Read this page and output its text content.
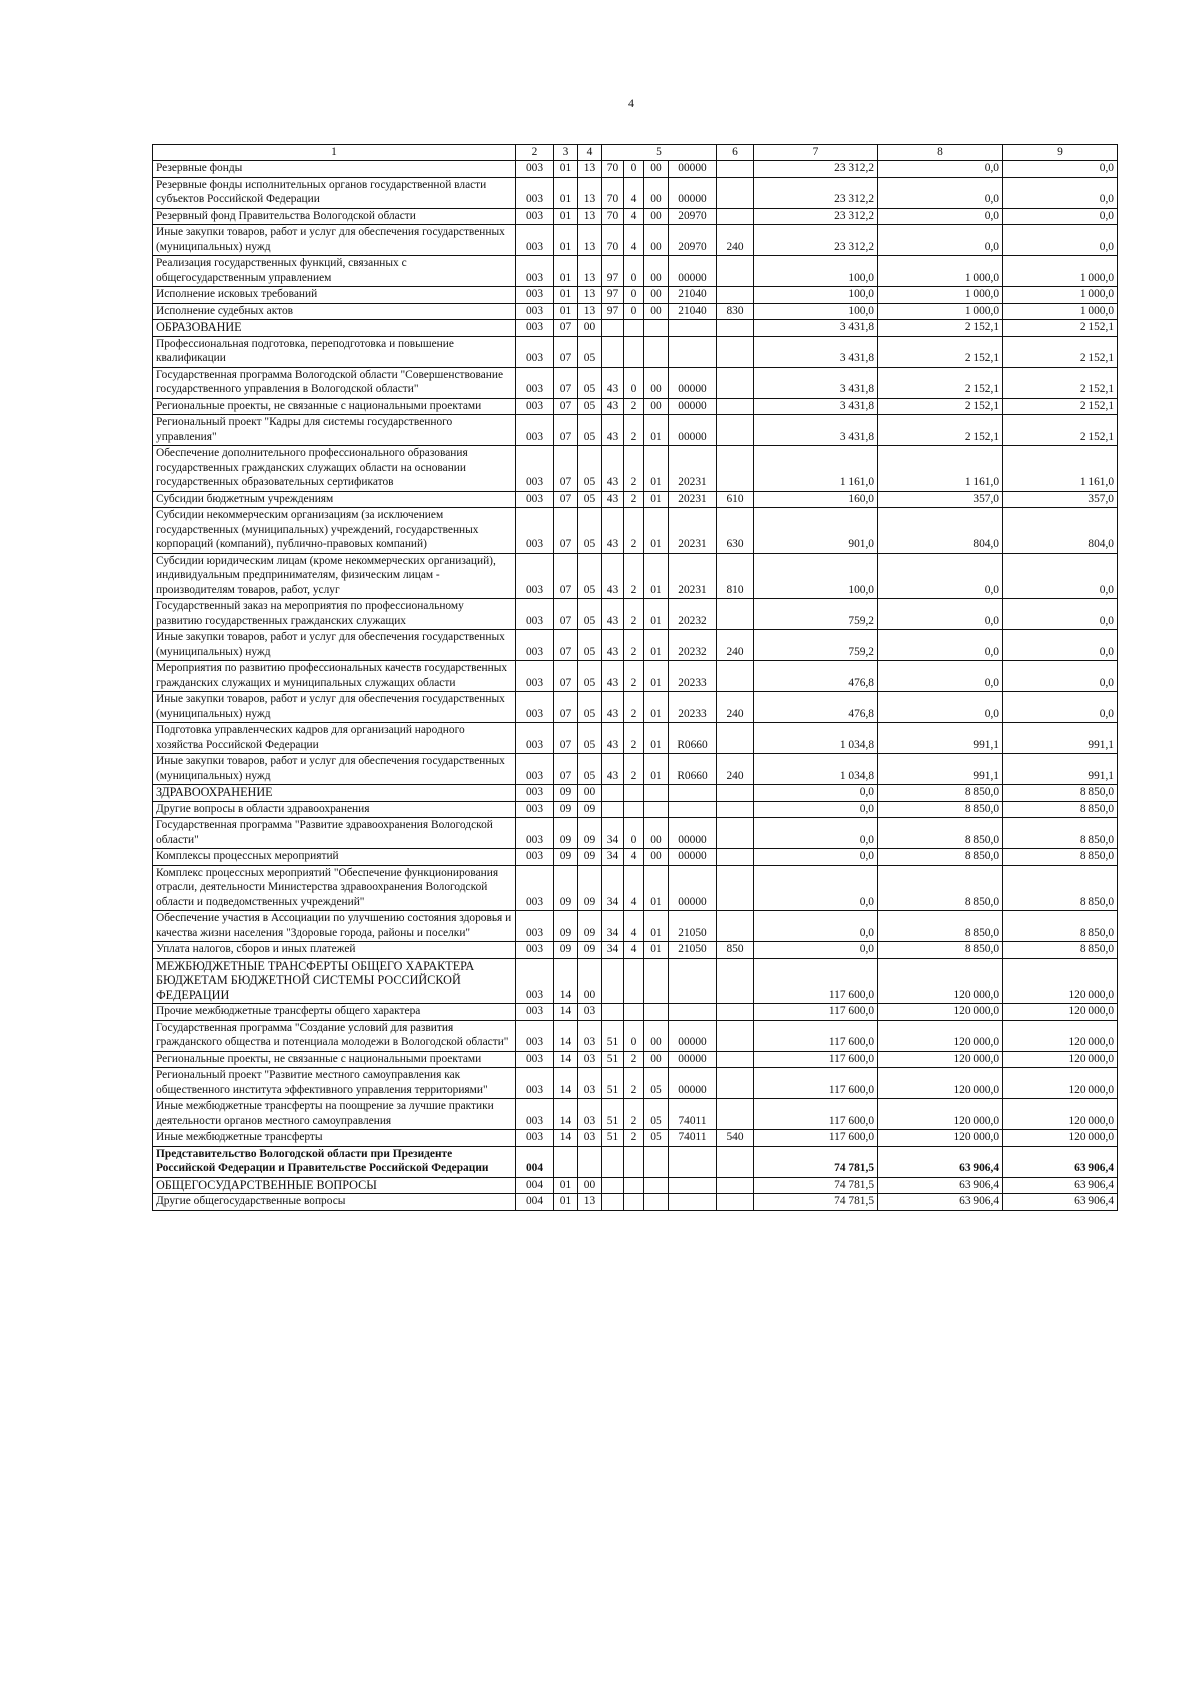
4
1	2	3	4	5				6	7	8	9
Резервные фонды	003	01	13	70	0	00	00000		23 312,2	0,0	0,0
Резервные фонды исполнительных органов государственной власти субъектов Российской Федерации	003	01	13	70	4	00	00000		23 312,2	0,0	0,0
Резервный фонд Правительства Вологодской области	003	01	13	70	4	00	20970		23 312,2	0,0	0,0
Иные закупки товаров, работ и услуг для обеспечения государственных (муниципальных) нужд	003	01	13	70	4	00	20970	240	23 312,2	0,0	0,0
Реализация государственных функций, связанных с общегосударственным управлением	003	01	13	97	0	00	00000		100,0	1 000,0	1 000,0
Исполнение исковых требований	003	01	13	97	0	00	21040		100,0	1 000,0	1 000,0
Исполнение судебных актов	003	01	13	97	0	00	21040	830	100,0	1 000,0	1 000,0
ОБРАЗОВАНИЕ	003	07	00						3 431,8	2 152,1	2 152,1
Профессиональная подготовка, переподготовка и повышение квалификации	003	07	05						3 431,8	2 152,1	2 152,1
Государственная программа Вологодской области "Совершенствование государственного управления в Вологодской области"	003	07	05	43	0	00	00000		3 431,8	2 152,1	2 152,1
Региональные проекты, не связанные с национальными проектами	003	07	05	43	2	00	00000		3 431,8	2 152,1	2 152,1
Региональный проект "Кадры для системы государственного управления"	003	07	05	43	2	01	00000		3 431,8	2 152,1	2 152,1
Обеспечение дополнительного профессионального образования государственных гражданских служащих области на основании государственных образовательных сертификатов	003	07	05	43	2	01	20231		1 161,0	1 161,0	1 161,0
Субсидии бюджетным учреждениям	003	07	05	43	2	01	20231	610	160,0	357,0	357,0
Субсидии некоммерческим организациям (за исключением государственных (муниципальных) учреждений, государственных корпораций (компаний), публично-правовых компаний)	003	07	05	43	2	01	20231	630	901,0	804,0	804,0
Субсидии юридическим лицам (кроме некоммерческих организаций), индивидуальным предпринимателям, физическим лицам - производителям товаров, работ, услуг	003	07	05	43	2	01	20231	810	100,0	0,0	0,0
Государственный заказ на мероприятия по профессиональному развитию государственных гражданских служащих	003	07	05	43	2	01	20232		759,2	0,0	0,0
Иные закупки товаров, работ и услуг для обеспечения государственных (муниципальных) нужд	003	07	05	43	2	01	20232	240	759,2	0,0	0,0
Мероприятия по развитию профессиональных качеств государственных гражданских служащих и муниципальных служащих области	003	07	05	43	2	01	20233		476,8	0,0	0,0
Иные закупки товаров, работ и услуг для обеспечения государственных (муниципальных) нужд	003	07	05	43	2	01	20233	240	476,8	0,0	0,0
Подготовка управленческих кадров для организаций народного хозяйства Российской Федерации	003	07	05	43	2	01	R0660		1 034,8	991,1	991,1
Иные закупки товаров, работ и услуг для обеспечения государственных (муниципальных) нужд	003	07	05	43	2	01	R0660	240	1 034,8	991,1	991,1
ЗДРАВООХРАНЕНИЕ	003	09	00						0,0	8 850,0	8 850,0
Другие вопросы в области здравоохранения	003	09	09						0,0	8 850,0	8 850,0
Государственная программа "Развитие здравоохранения Вологодской области"	003	09	09	34	0	00	00000		0,0	8 850,0	8 850,0
Комплексы процессных мероприятий	003	09	09	34	4	00	00000		0,0	8 850,0	8 850,0
Комплекс процессных мероприятий "Обеспечение функционирования отрасли, деятельности Министерства здравоохранения Вологодской области и подведомственных учреждений"	003	09	09	34	4	01	00000		0,0	8 850,0	8 850,0
Обеспечение участия в Ассоциации по улучшению состояния здоровья и качества жизни населения "Здоровые города, районы и поселки"	003	09	09	34	4	01	21050		0,0	8 850,0	8 850,0
Уплата налогов, сборов и иных платежей	003	09	09	34	4	01	21050	850	0,0	8 850,0	8 850,0
МЕЖБЮДЖЕТНЫЕ ТРАНСФЕРТЫ ОБЩЕГО ХАРАКТЕРА БЮДЖЕТАМ БЮДЖЕТНОЙ СИСТЕМЫ РОССИЙСКОЙ ФЕДЕРАЦИИ	003	14	00						117 600,0	120 000,0	120 000,0
Прочие межбюджетные трансферты общего характера	003	14	03						117 600,0	120 000,0	120 000,0
Государственная программа "Создание условий для развития гражданского общества и потенциала молодежи в Вологодской области"	003	14	03	51	0	00	00000		117 600,0	120 000,0	120 000,0
Региональные проекты, не связанные с национальными проектами	003	14	03	51	2	00	00000		117 600,0	120 000,0	120 000,0
Региональный проект "Развитие местного самоуправления как общественного института эффективного управления территориями"	003	14	03	51	2	05	00000		117 600,0	120 000,0	120 000,0
Иные межбюджетные трансферты на поощрение за лучшие практики деятельности органов местного самоуправления	003	14	03	51	2	05	74011		117 600,0	120 000,0	120 000,0
Иные межбюджетные трансферты	003	14	03	51	2	05	74011	540	117 600,0	120 000,0	120 000,0
Представительство Вологодской области при Президенте Российской Федерации и Правительстве Российской Федерации	004								74 781,5	63 906,4	63 906,4
ОБЩЕГОСУДАРСТВЕННЫЕ ВОПРОСЫ	004	01	00						74 781,5	63 906,4	63 906,4
Другие общегосударственные вопросы	004	01	13						74 781,5	63 906,4	63 906,4
